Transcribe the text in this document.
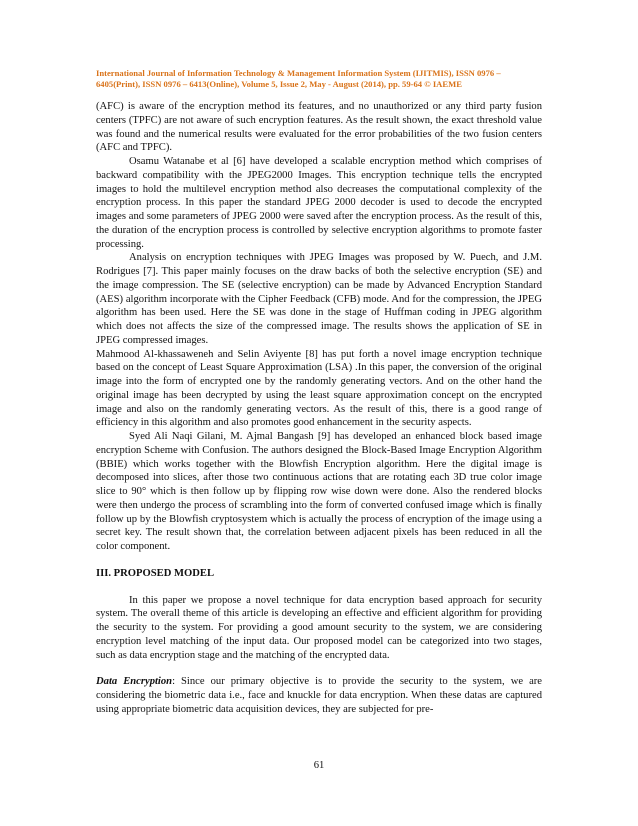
International Journal of Information Technology & Management Information System (IJITMIS), ISSN 0976 –
6405(Print), ISSN 0976 – 6413(Online), Volume 5, Issue 2, May - August (2014), pp. 59-64 © IAEME

(AFC) is aware of the encryption method its features, and no unauthorized or any third party fusion centers (TPFC) are not aware of such encryption features. As the result shown, the exact threshold value was found and the numerical results were evaluated for the error probabilities of the two fusion centers (AFC and TPFC).

Osamu Watanabe et al [6] have developed a scalable encryption method which comprises of backward compatibility with the JPEG2000 Images. This encryption technique tells the encrypted images to hold the multilevel encryption method also decreases the computational complexity of the encryption process. In this paper the standard JPEG 2000 decoder is used to decode the encrypted images and some parameters of JPEG 2000 were saved after the encryption process. As the result of this, the duration of the encryption process is controlled by selective encryption algorithms to promote faster processing.

Analysis on encryption techniques with JPEG Images was proposed by W. Puech, and J.M. Rodrigues [7]. This paper mainly focuses on the draw backs of both the selective encryption (SE) and the image compression. The SE (selective encryption) can be made by Advanced Encryption Standard (AES) algorithm incorporate with the Cipher Feedback (CFB) mode. And for the compression, the JPEG algorithm has been used. Here the SE was done in the stage of Huffman coding in JPEG algorithm which does not affects the size of the compressed image. The results shows the application of SE in JPEG compressed images.

Mahmood Al-khassaweneh and Selin Aviyente [8] has put forth a novel image encryption technique based on the concept of Least Square Approximation (LSA) .In this paper, the conversion of the original image into the form of encrypted one by the randomly generating vectors. And on the other hand the original image has been decrypted by using the least square approximation concept on the encrypted image and also on the randomly generating vectors. As the result of this, there is a good range of efficiency in this algorithm and also promotes good enhancement in the security aspects.

Syed Ali Naqi Gilani, M. Ajmal Bangash [9] has developed an enhanced block based image encryption Scheme with Confusion. The authors designed the Block-Based Image Encryption Algorithm (BBIE) which works together with the Blowfish Encryption algorithm. Here the digital image is decomposed into slices, after those two continuous actions that are rotating each 3D true color image slice to 90° which is then follow up by flipping row wise down were done. Also the rendered blocks were then undergo the process of scrambling into the form of converted confused image which is finally follow up by the Blowfish cryptosystem which is actually the process of encryption of the image using a secret key. The result shown that, the correlation between adjacent pixels has been reduced in all the color component.

III. PROPOSED MODEL

In this paper we propose a novel technique for data encryption based approach for security system. The overall theme of this article is developing an effective and efficient algorithm for providing the security to the system. For providing a good amount security to the system, we are considering encryption level matching of the input data. Our proposed model can be categorized into two stages, such as data encryption stage and the matching of the encrypted data.

Data Encryption: Since our primary objective is to provide the security to the system, we are considering the biometric data i.e., face and knuckle for data encryption. When these datas are captured using appropriate biometric data acquisition devices, they are subjected for pre-

61
